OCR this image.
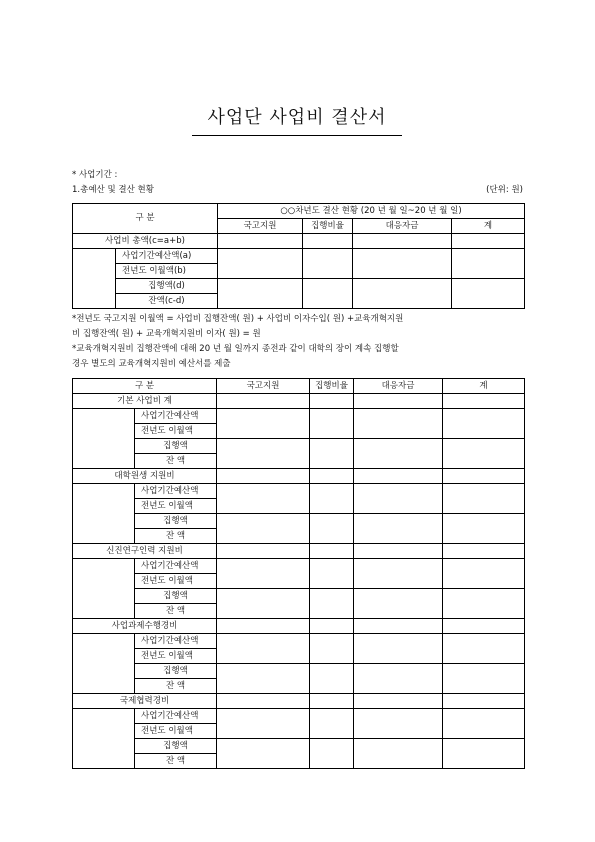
사업단 사업비 결산서
* 사업기간 :
1.총예산 및 결산 현황	(단위: 원)
구 분		○○차년도 결산 현황 (20 년 월 일~20 년 월 일)			
		국고지원	집행비율	대응자금	계
사업비 총액(c=a+b)					
	사업기간예산액(a)				
	전년도 이월액(b)				
	집행액(d)				
	잔액(c-d)				
*전년도 국고지원 이월액 = 사업비 집행잔액( 원) + 사업비 이자수입( 원) +교육개혁지원
비 집행잔액( 원) + 교육개혁지원비 이자( 원) = 원
*교육개혁지원비 집행잔액에 대해 20 년 월 일까지 종전과 같이 대학의 장이 계속 집행할
경우 별도의 교육개혁지원비 예산서를 제출
구 분		국고지원	집행비율	대응자금	계
기본 사업비 계					
	사업기간예산액				
	전년도 이월액				
	집행액				
	잔 액				
대학원생 지원비					
	사업기간예산액				
	전년도 이월액				
	집행액				
	잔 액				
신진연구인력 지원비					
	사업기간예산액				
	전년도 이월액				
	집행액				
	잔 액				
사업과제수행경비					
	사업기간예산액				
	전년도 이월액				
	집행액				
	잔 액				
국제협력경비					
	사업기간예산액				
	전년도 이월액				
	집행액				
	잔 액				
